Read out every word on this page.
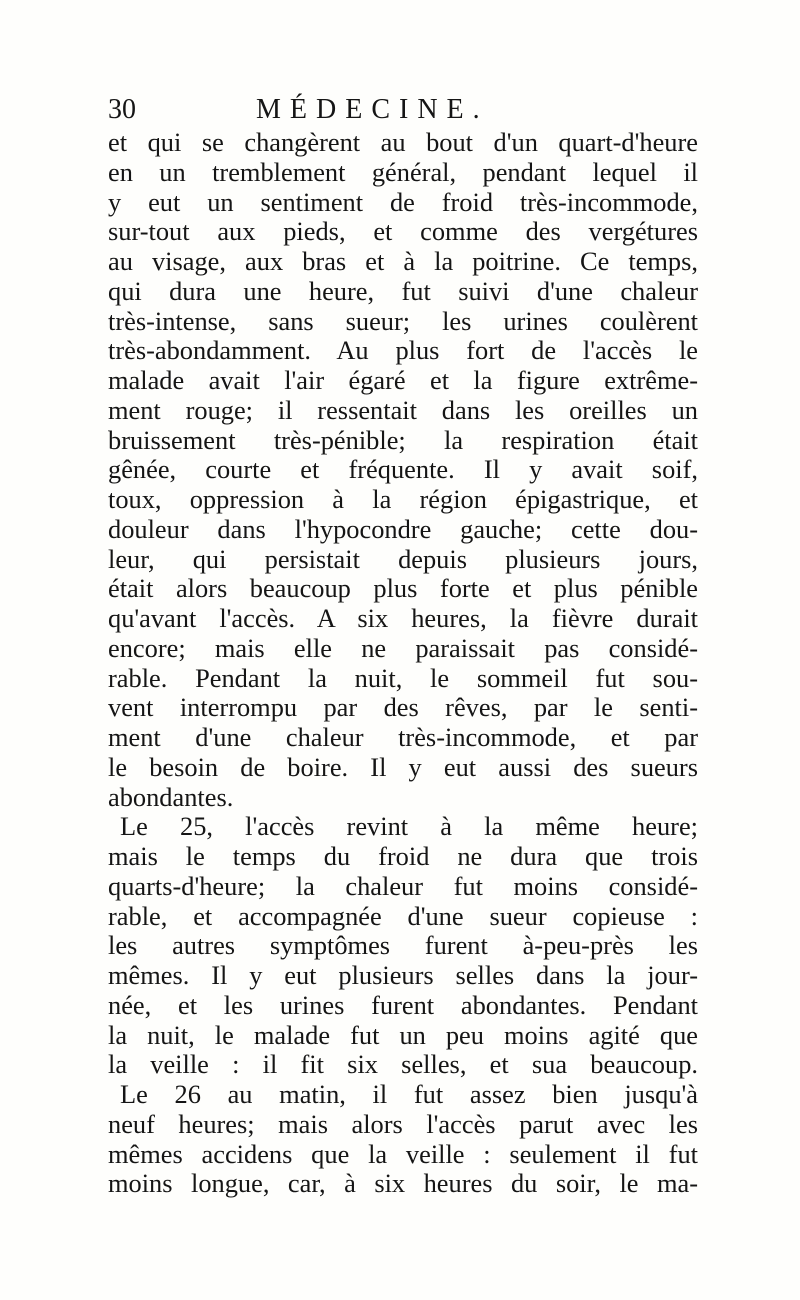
30	MÉDECINE.
et qui se changèrent au bout d'un quart-d'heure
en un tremblement général, pendant lequel il
y eut un sentiment de froid très-incommode,
sur-tout aux pieds, et comme des vergétures
au visage, aux bras et à la poitrine. Ce temps,
qui dura une heure, fut suivi d'une chaleur
très-intense, sans sueur; les urines coulèrent
très-abondamment. Au plus fort de l'accès le
malade avait l'air égaré et la figure extrême-
ment rouge; il ressentait dans les oreilles un
bruissement très-pénible; la respiration était
gênée, courte et fréquente. Il y avait soif,
toux, oppression à la région épigastrique, et
douleur dans l'hypocondre gauche; cette dou-
leur, qui persistait depuis plusieurs jours,
était alors beaucoup plus forte et plus pénible
qu'avant l'accès. A six heures, la fièvre durait
encore; mais elle ne paraissait pas considé-
rable. Pendant la nuit, le sommeil fut sou-
vent interrompu par des rêves, par le senti-
ment d'une chaleur très-incommode, et par
le besoin de boire. Il y eut aussi des sueurs
abondantes.
Le 25, l'accès revint à la même heure;
mais le temps du froid ne dura que trois
quarts-d'heure; la chaleur fut moins considé-
rable, et accompagnée d'une sueur copieuse :
les autres symptômes furent à-peu-près les
mêmes. Il y eut plusieurs selles dans la jour-
née, et les urines furent abondantes. Pendant
la nuit, le malade fut un peu moins agité que
la veille : il fit six selles, et sua beaucoup.
Le 26 au matin, il fut assez bien jusqu'à
neuf heures; mais alors l'accès parut avec les
mêmes accidens que la veille : seulement il fut
moins longue, car, à six heures du soir, le ma-
